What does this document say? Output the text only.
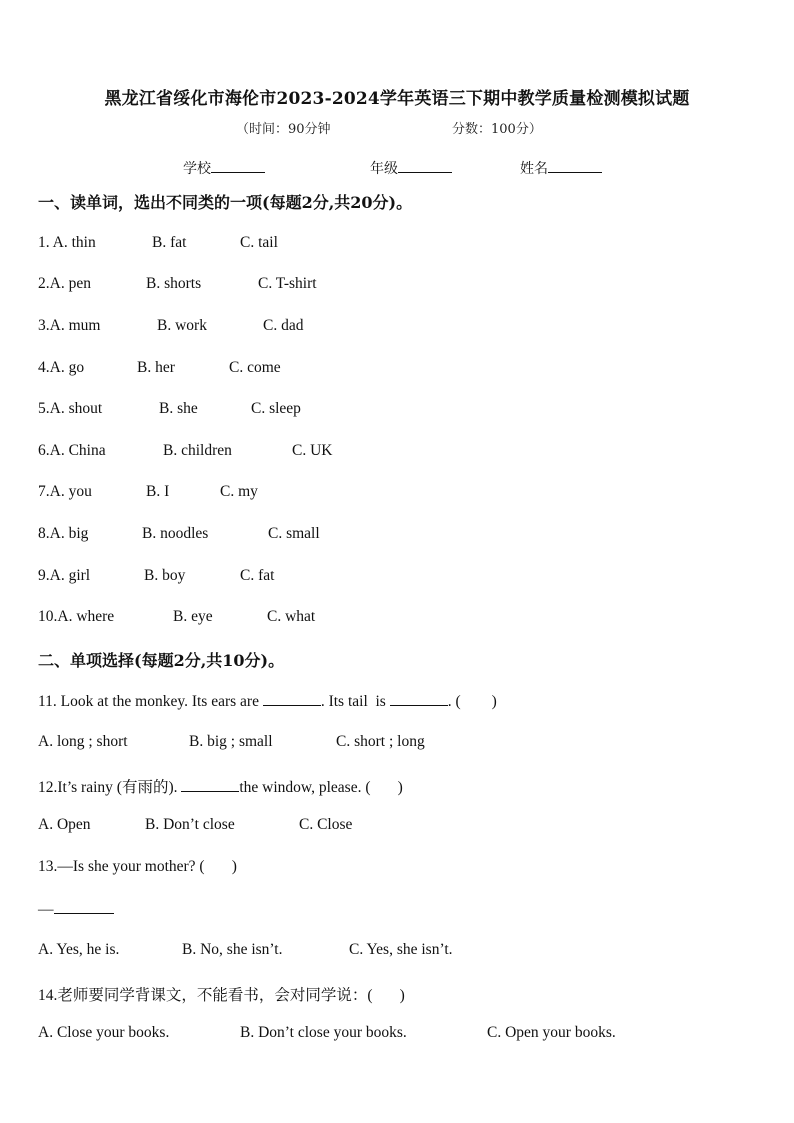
黑龙江省绥化市海伦市2023-2024学年英语三下期中教学质量检测模拟试题
（时间：90分钟	分数：100分）
学校	年级	姓名
一、读单词，选出不同类的一项(每题2分,共20分)。
1. A. thin	B. fat	C. tail
2.A. pen	B. shorts	C. T-shirt
3.A. mum	B. work	C. dad
4.A. go	B. her	C. come
5.A. shout	B. she	C. sleep
6.A. China	B. children	C. UK
7.A. you	B. I	C. my
8.A. big	B. noodles	C. small
9.A. girl	B. boy	C. fat
10.A. where	B. eye	C. what
二、单项选择(每题2分,共10分)。
11. Look at the monkey. Its ears are	. Its tail  is	. (        )
A. long ; short	B. big ; small	C. short ; long
12.It’s rainy (有雨的).	the window, please. (       )
A. Open	B. Don’t close	C. Close
13.—Is she your mother? (       )
—
A. Yes, he is.	B. No, she isn’t.	C. Yes, she isn’t.
14.老师要同学背课文，不能看书，会对同学说：(       )
A. Close your books.	B. Don’t close your books.	C. Open your books.
